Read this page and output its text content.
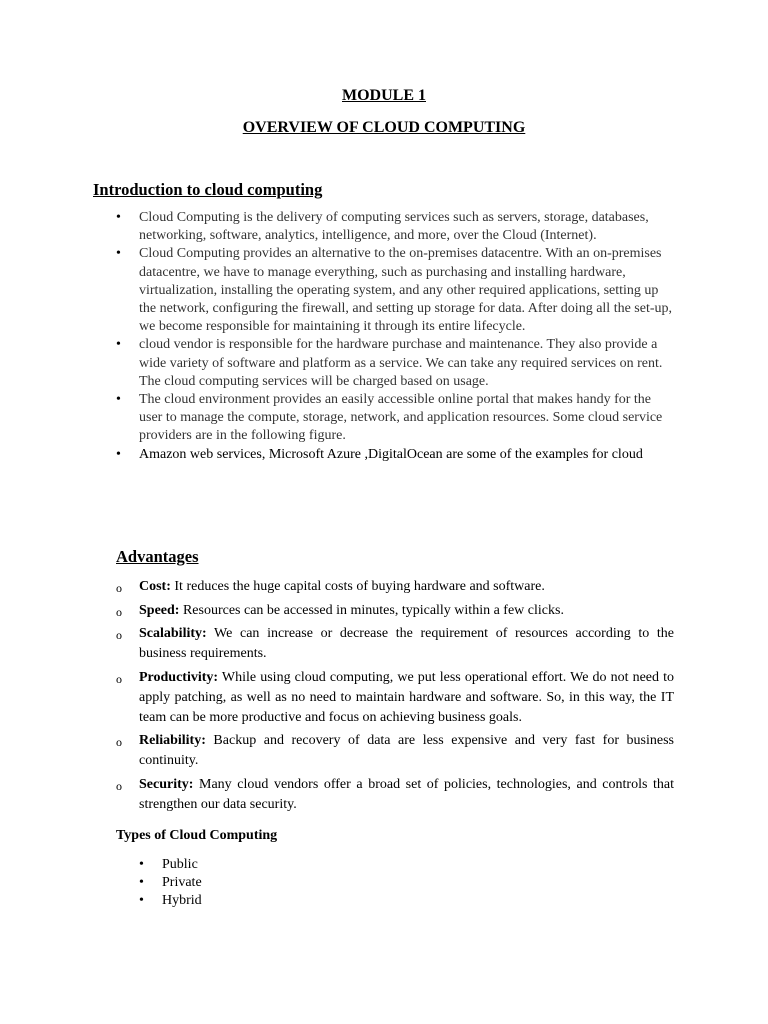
MODULE 1
OVERVIEW OF CLOUD COMPUTING
Introduction to cloud computing
• Cloud Computing is the delivery of computing services such as servers, storage, databases, networking, software, analytics, intelligence, and more, over the Cloud (Internet).
• Cloud Computing provides an alternative to the on-premises datacentre. With an on-premises datacentre, we have to manage everything, such as purchasing and installing hardware, virtualization, installing the operating system, and any other required applications, setting up the network, configuring the firewall, and setting up storage for data. After doing all the set-up, we become responsible for maintaining it through its entire lifecycle.
• cloud vendor is responsible for the hardware purchase and maintenance. They also provide a wide variety of software and platform as a service. We can take any required services on rent. The cloud computing services will be charged based on usage.
• The cloud environment provides an easily accessible online portal that makes handy for the user to manage the compute, storage, network, and application resources. Some cloud service providers are in the following figure.
• Amazon web services, Microsoft Azure ,DigitalOcean are some of the examples for cloud
Advantages
o Cost: It reduces the huge capital costs of buying hardware and software.
o Speed: Resources can be accessed in minutes, typically within a few clicks.
o Scalability: We can increase or decrease the requirement of resources according to the business requirements.
o Productivity: While using cloud computing, we put less operational effort. We do not need to apply patching, as well as no need to maintain hardware and software. So, in this way, the IT team can be more productive and focus on achieving business goals.
o Reliability: Backup and recovery of data are less expensive and very fast for business continuity.
o Security: Many cloud vendors offer a broad set of policies, technologies, and controls that strengthen our data security.
Types of Cloud Computing
• Public
• Private
• Hybrid
